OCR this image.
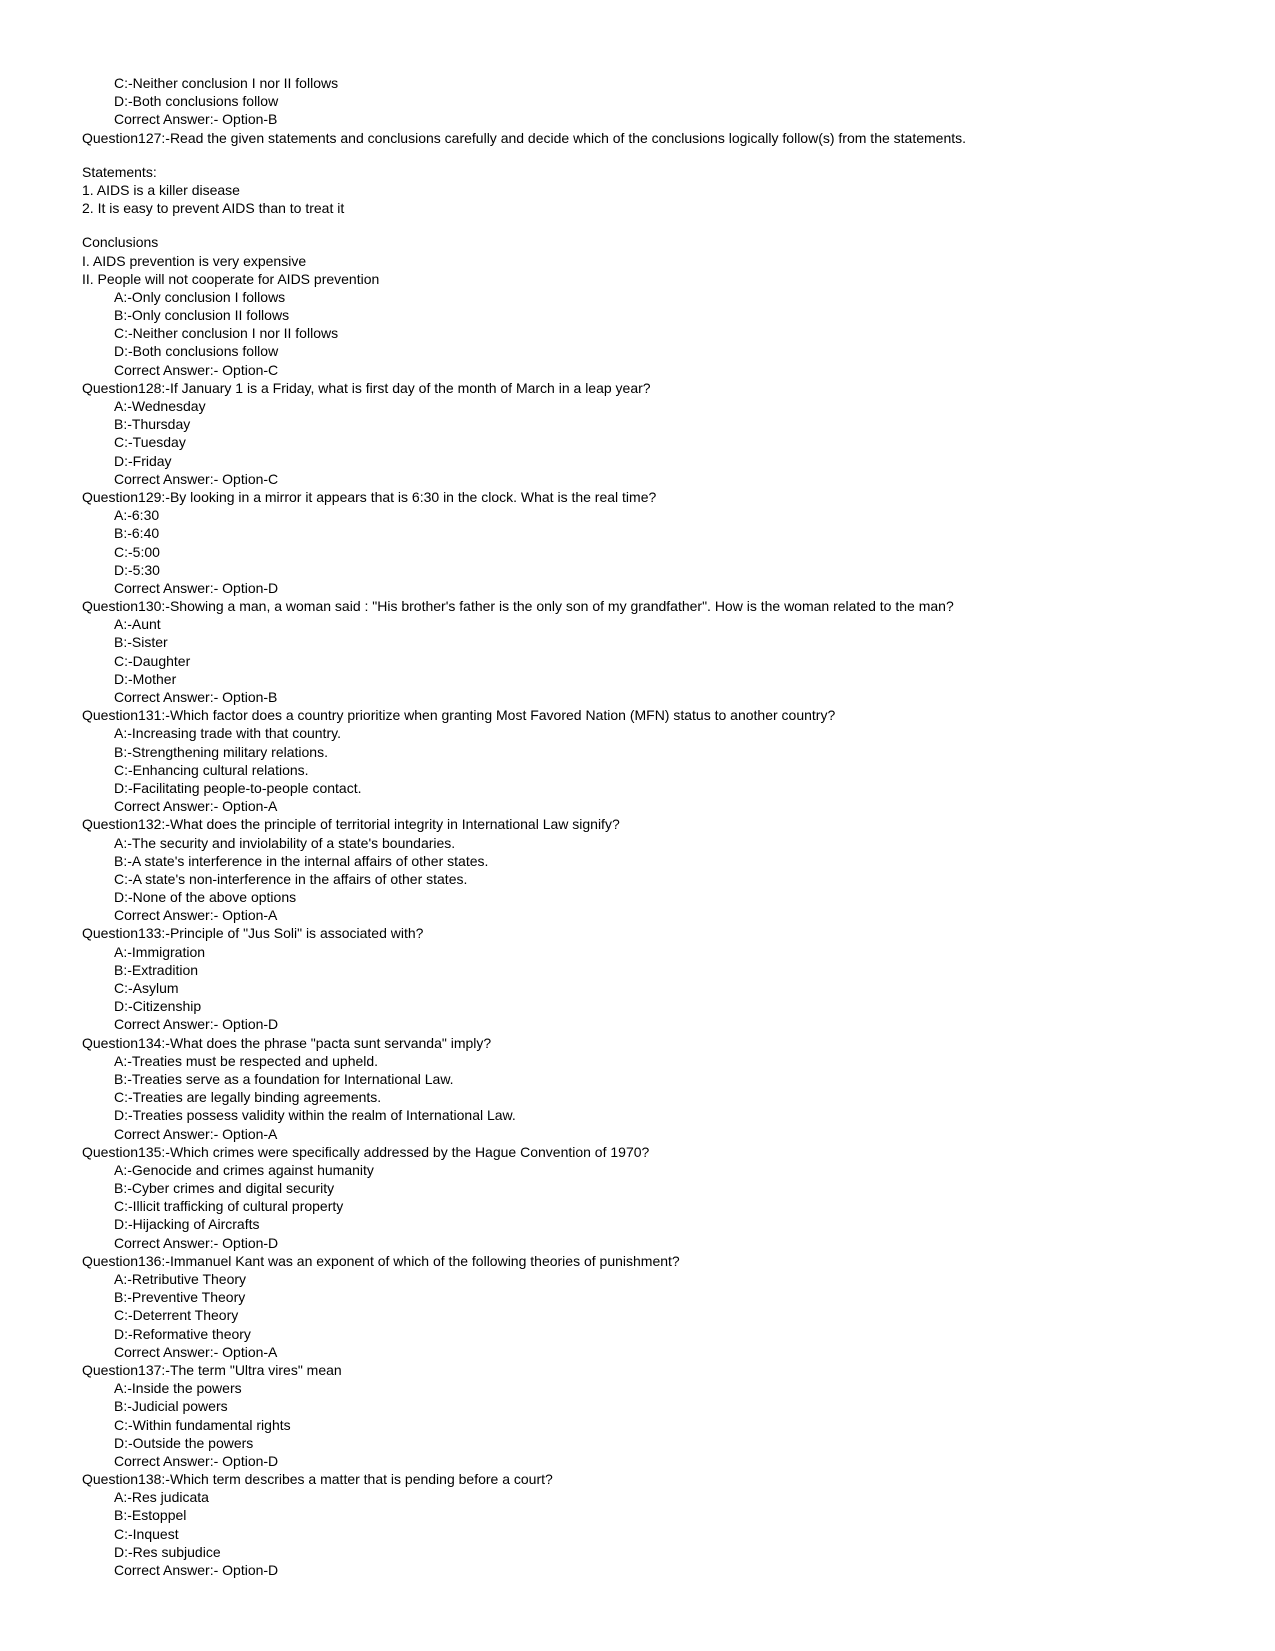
C:-Neither conclusion I nor II follows
D:-Both conclusions follow
Correct Answer:- Option-B
Question127:-Read the given statements and conclusions carefully and decide which of the conclusions logically follow(s) from the statements.
Statements:
1. AIDS is a killer disease
2. It is easy to prevent AIDS than to treat it
Conclusions
I. AIDS prevention is very expensive
II. People will not cooperate for AIDS prevention
A:-Only conclusion I follows
B:-Only conclusion II follows
C:-Neither conclusion I nor II follows
D:-Both conclusions follow
Correct Answer:- Option-C
Question128:-If January 1 is a Friday, what is first day of the month of March in a leap year?
A:-Wednesday
B:-Thursday
C:-Tuesday
D:-Friday
Correct Answer:- Option-C
Question129:-By looking in a mirror it appears that is 6:30 in the clock. What is the real time?
A:-6:30
B:-6:40
C:-5:00
D:-5:30
Correct Answer:- Option-D
Question130:-Showing a man, a woman said : "His brother's father is the only son of my grandfather". How is the woman related to the man?
A:-Aunt
B:-Sister
C:-Daughter
D:-Mother
Correct Answer:- Option-B
Question131:-Which factor does a country prioritize when granting Most Favored Nation (MFN) status to another country?
A:-Increasing trade with that country.
B:-Strengthening military relations.
C:-Enhancing cultural relations.
D:-Facilitating people-to-people contact.
Correct Answer:- Option-A
Question132:-What does the principle of territorial integrity in International Law signify?
A:-The security and inviolability of a state's boundaries.
B:-A state's interference in the internal affairs of other states.
C:-A state's non-interference in the affairs of other states.
D:-None of the above options
Correct Answer:- Option-A
Question133:-Principle of "Jus Soli" is associated with?
A:-Immigration
B:-Extradition
C:-Asylum
D:-Citizenship
Correct Answer:- Option-D
Question134:-What does the phrase "pacta sunt servanda" imply?
A:-Treaties must be respected and upheld.
B:-Treaties serve as a foundation for International Law.
C:-Treaties are legally binding agreements.
D:-Treaties possess validity within the realm of International Law.
Correct Answer:- Option-A
Question135:-Which crimes were specifically addressed by the Hague Convention of 1970?
A:-Genocide and crimes against humanity
B:-Cyber crimes and digital security
C:-Illicit trafficking of cultural property
D:-Hijacking of Aircrafts
Correct Answer:- Option-D
Question136:-Immanuel Kant was an exponent of which of the following theories of punishment?
A:-Retributive Theory
B:-Preventive Theory
C:-Deterrent Theory
D:-Reformative theory
Correct Answer:- Option-A
Question137:-The term "Ultra vires" mean
A:-Inside the powers
B:-Judicial powers
C:-Within fundamental rights
D:-Outside the powers
Correct Answer:- Option-D
Question138:-Which term describes a matter that is pending before a court?
A:-Res judicata
B:-Estoppel
C:-Inquest
D:-Res subjudice
Correct Answer:- Option-D
